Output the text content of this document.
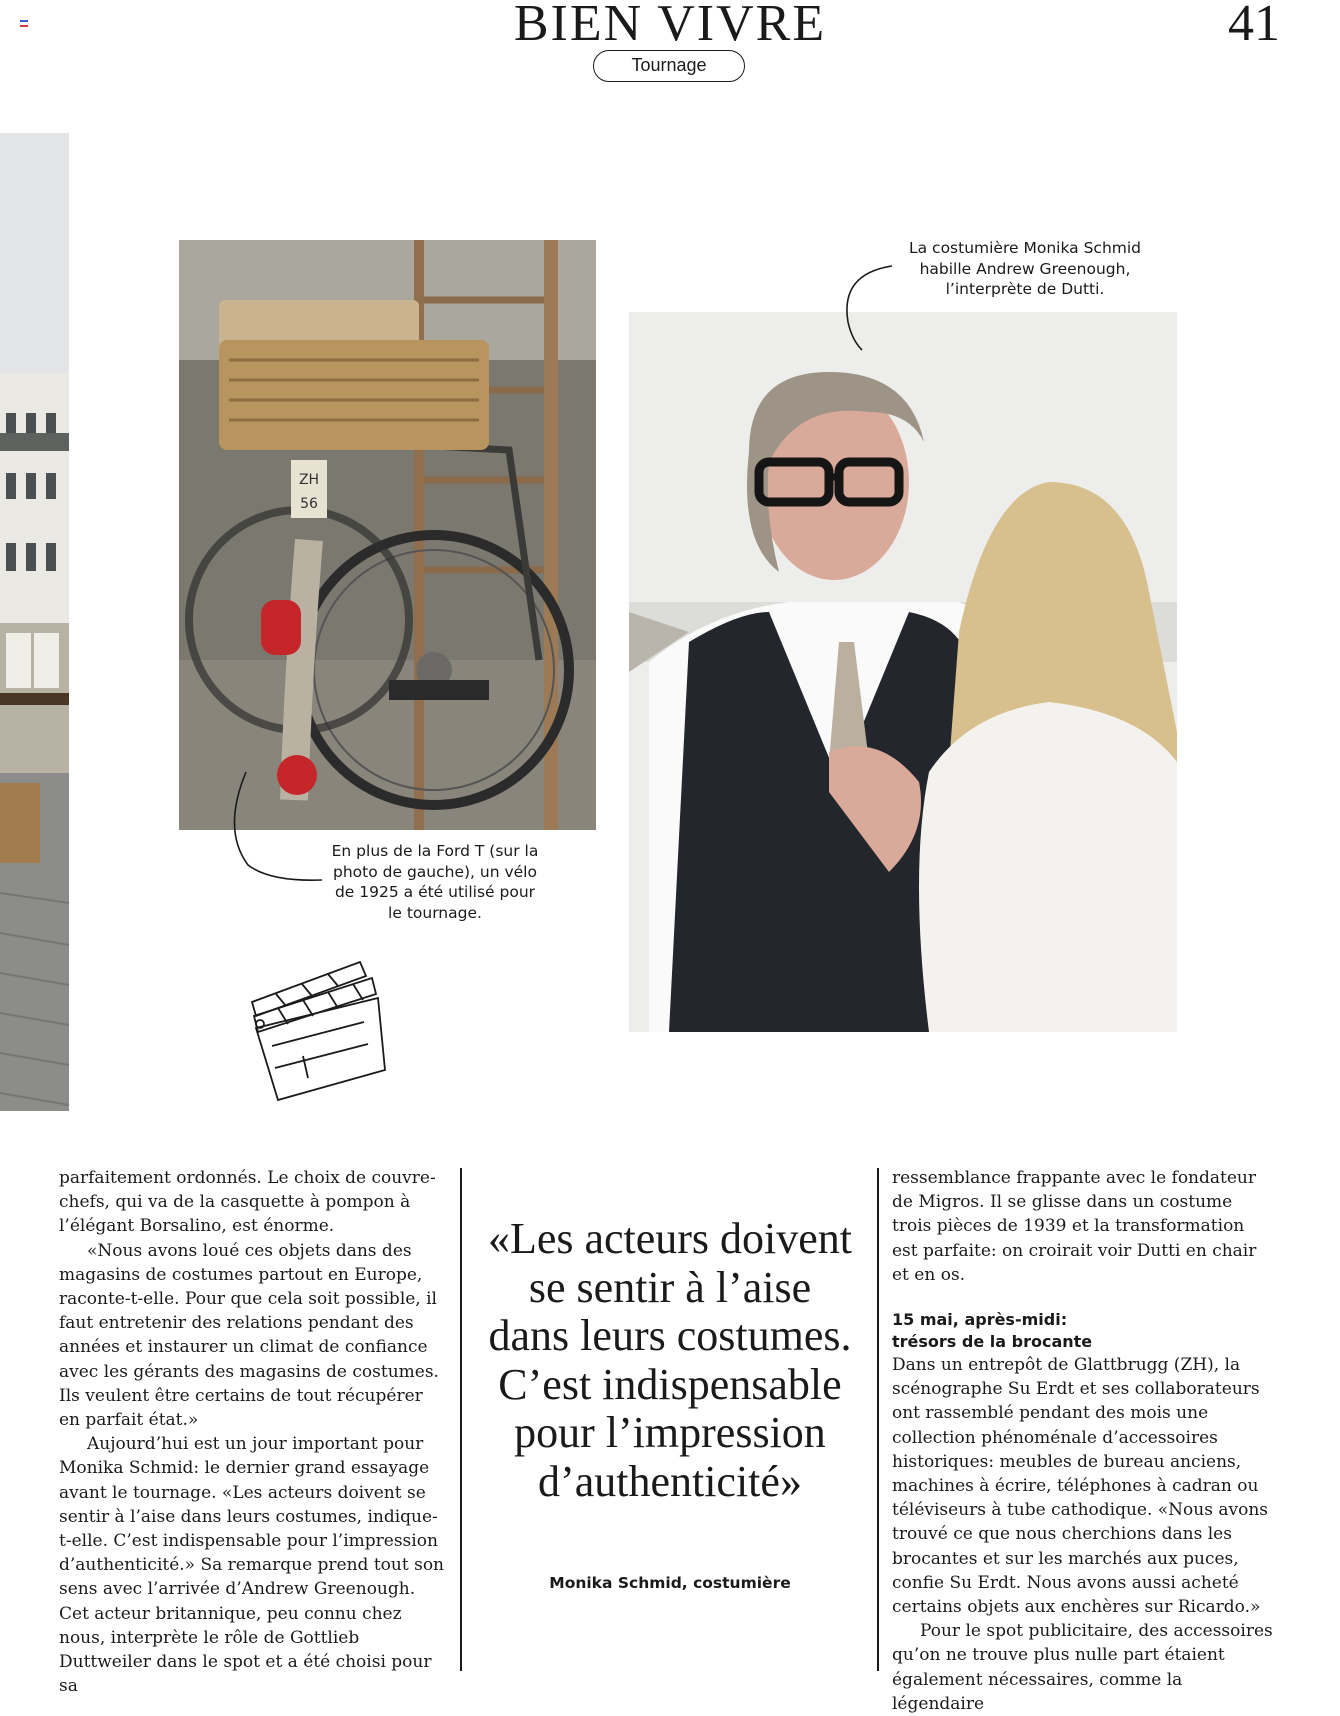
BIEN VIVRE	41
Tournage
ZH
56
La costumière Monika Schmid habille Andrew Greenough, l’interprète de Dutti.
En plus de la Ford T (sur la photo de gauche), un vélo de 1925 a été utilisé pour le tournage.

parfaitement ordonnés. Le choix de couvre-chefs, qui va de la casquette à pompon à l’élégant Borsalino, est énorme.

«Nous avons loué ces objets dans des magasins de costumes partout en Europe, raconte-t-elle. Pour que cela soit possible, il faut entretenir des relations pendant des années et instaurer un climat de confiance avec les gérants des magasins de costumes. Ils veulent être certains de tout récupérer en parfait état.»

Aujourd’hui est un jour important pour Monika Schmid: le dernier grand essayage avant le tournage. «Les acteurs doivent se sentir à l’aise dans leurs costumes, indique-t-elle. C’est indispensable pour l’impression d’authenticité.» Sa remarque prend tout son sens avec l’arrivée d’Andrew Greenough. Cet acteur britannique, peu connu chez nous, interprète le rôle de Gottlieb Duttweiler dans le spot et a été choisi pour sa

«Les acteurs doivent se sentir à l’aise dans leurs costumes. C’est indispensable pour l’impression d’authenticité»
Monika Schmid, costumière

ressemblance frappante avec le fondateur de Migros. Il se glisse dans un costume trois pièces de 1939 et la transformation est parfaite: on croirait voir Dutti en chair et en os.

15 mai, après-midi:
trésors de la brocante

Dans un entrepôt de Glattbrugg (ZH), la scénographe Su Erdt et ses collaborateurs ont rassemblé pendant des mois une collection phénoménale d’accessoires historiques: meubles de bureau anciens, machines à écrire, téléphones à cadran ou téléviseurs à tube cathodique. «Nous avons trouvé ce que nous cherchions dans les brocantes et sur les marchés aux puces, confie Su Erdt. Nous avons aussi acheté certains objets aux enchères sur Ricardo.»

Pour le spot publicitaire, des accessoires qu’on ne trouve plus nulle part étaient également nécessaires, comme la légendaire
